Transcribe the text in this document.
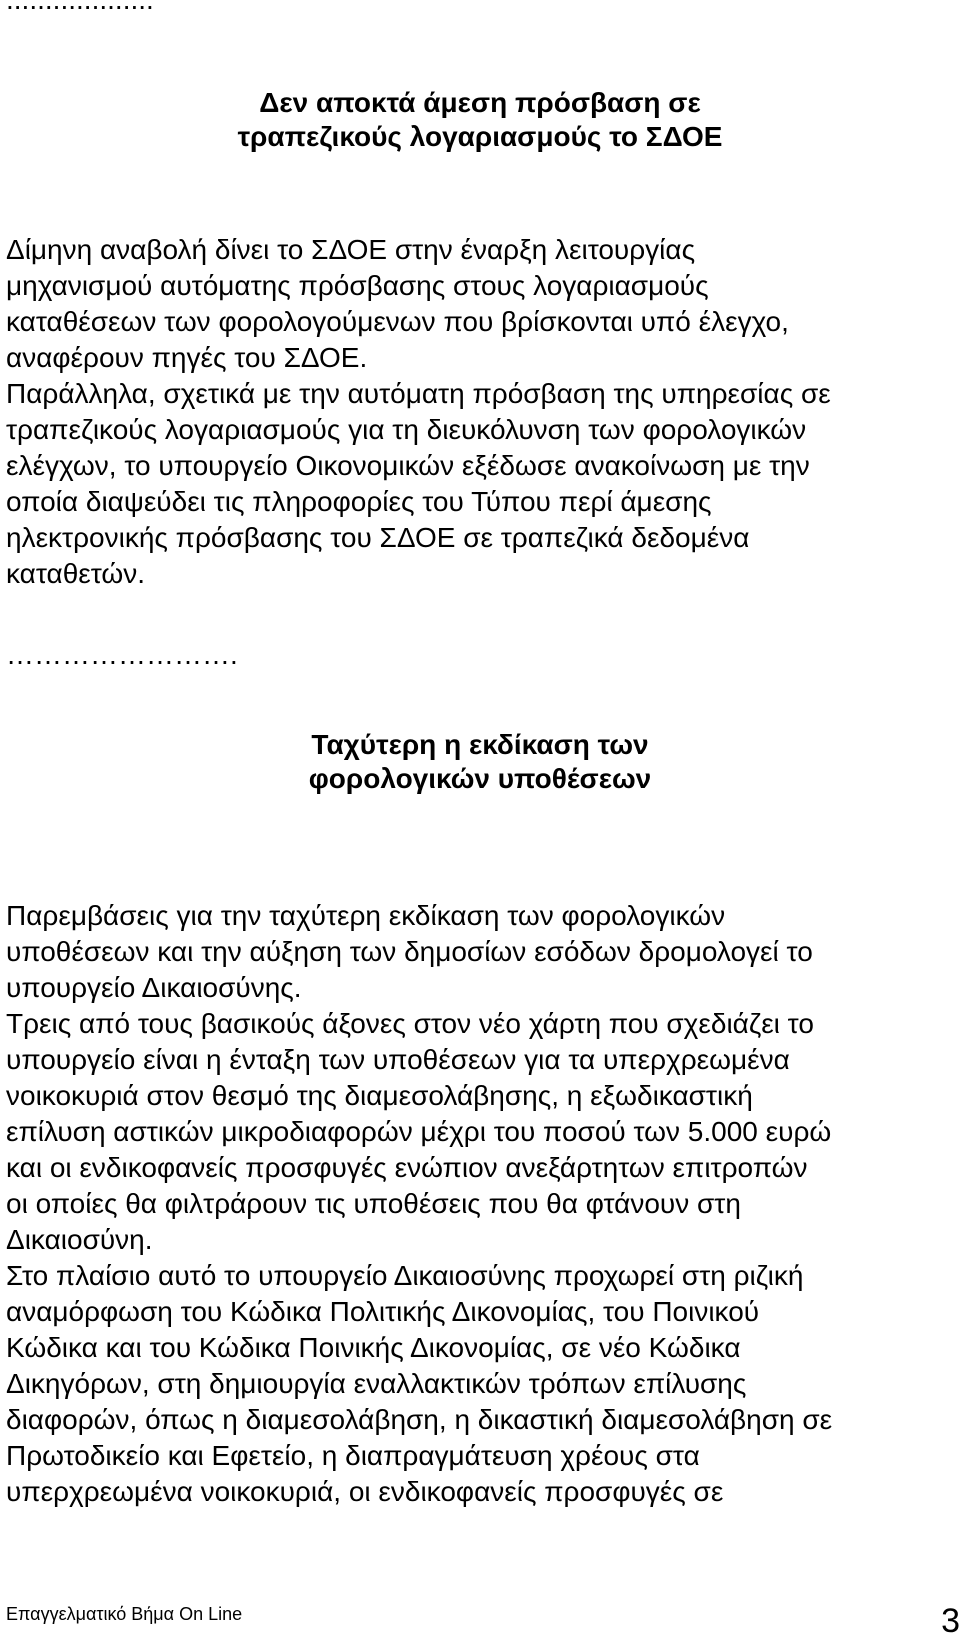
Δεν αποκτά άμεση πρόσβαση σε
τραπεζικούς λογαριασμούς το ΣΔΟΕ

Δίμηνη αναβολή δίνει το ΣΔΟΕ στην έναρξη λειτουργίας
μηχανισμού αυτόματης πρόσβασης στους λογαριασμούς
καταθέσεων των φορολογούμενων που βρίσκονται υπό έλεγχο,
αναφέρουν πηγές του ΣΔΟΕ.
Παράλληλα, σχετικά με την αυτόματη πρόσβαση της υπηρεσίας σε
τραπεζικούς λογαριασμούς για τη διευκόλυνση των φορολογικών
ελέγχων, το υπουργείο Οικονομικών εξέδωσε ανακοίνωση με την
οποία διαψεύδει τις πληροφορίες του Τύπου περί άμεσης
ηλεκτρονικής πρόσβασης του ΣΔΟΕ σε τραπεζικά δεδομένα
καταθετών.

…………………….
Ταχύτερη η εκδίκαση των
φορολογικών υποθέσεων

Παρεμβάσεις για την ταχύτερη εκδίκαση των φορολογικών
υποθέσεων και την αύξηση των δημοσίων εσόδων δρομολογεί το
υπουργείο Δικαιοσύνης.
Τρεις από τους βασικούς άξονες στον νέο χάρτη που σχεδιάζει το
υπουργείο είναι η ένταξη των υποθέσεων για τα υπερχρεωμένα
νοικοκυριά στον θεσμό της διαμεσολάβησης, η εξωδικαστική
επίλυση αστικών μικροδιαφορών μέχρι του ποσού των 5.000 ευρώ
και οι ενδικοφανείς προσφυγές ενώπιον ανεξάρτητων επιτροπών
οι οποίες θα φιλτράρουν τις υποθέσεις που θα φτάνουν στη
Δικαιοσύνη.
Στο πλαίσιο αυτό το υπουργείο Δικαιοσύνης προχωρεί στη ριζική
αναμόρφωση του Κώδικα Πολιτικής Δικονομίας, του Ποινικού
Κώδικα και του Κώδικα Ποινικής Δικονομίας, σε νέο Κώδικα
Δικηγόρων, στη δημιουργία εναλλακτικών τρόπων επίλυσης
διαφορών, όπως η διαμεσολάβηση, η δικαστική διαμεσολάβηση σε
Πρωτοδικείο και Εφετείο, η διαπραγμάτευση χρέους στα
υπερχρεωμένα νοικοκυριά, οι ενδικοφανείς προσφυγές σε

Επαγγελματικό Βήμα On Line	3
